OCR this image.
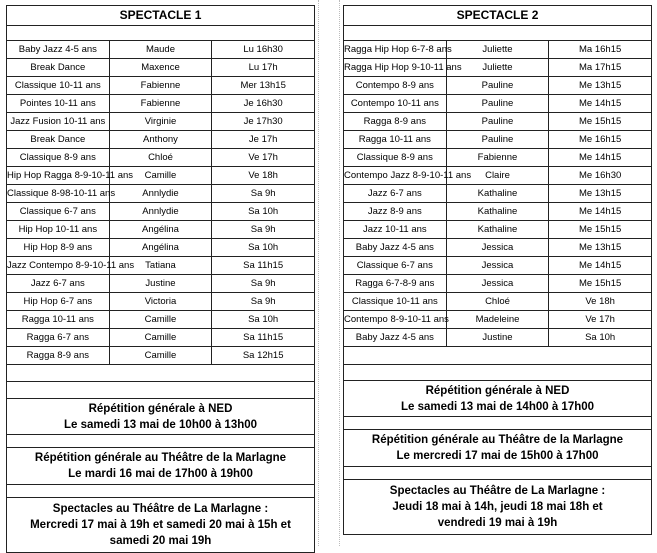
SPECTACLE 1		

Baby Jazz 4-5 ans	Maude	Lu 16h30
Break Dance	Maxence	Lu 17h
Classique 10-11 ans	Fabienne	Mer 13h15
Pointes 10-11 ans	Fabienne	Je 16h30
Jazz Fusion 10-11 ans	Virginie	Je 17h30
Break Dance	Anthony	Je 17h
Classique 8-9 ans	Chloé	Ve 17h
Hip Hop Ragga 8-9-10-11 ans	Camille	Ve 18h
Classique 8-98-10-11 ans	Annlydie	Sa 9h
Classique 6-7 ans	Annlydie	Sa 10h
Hip Hop 10-11 ans	Angélina	Sa 9h
Hip Hop 8-9 ans	Angélina	Sa 10h
Jazz Contempo 8-9-10-11 ans	Tatiana	Sa 11h15
Jazz 6-7 ans	Justine	Sa 9h
Hip Hop 6-7 ans	Victoria	Sa 9h
Ragga 10-11 ans	Camille	Sa 10h
Ragga 6-7 ans	Camille	Sa 11h15
Ragga 8-9 ans	Camille	Sa 12h15

Répétition générale à NED
Le samedi 13 mai de 10h00 à 13h00
Répétition générale au Théâtre de la Marlagne
Le mardi 16 mai de 17h00 à 19h00
Spectacles au Théâtre de La Marlagne :
Mercredi 17 mai à 19h et samedi 20 mai à 15h et
samedi 20 mai 19h
SPECTACLE 2		

Ragga Hip Hop 6-7-8 ans	Juliette	Ma 16h15
Ragga Hip Hop 9-10-11 ans	Juliette	Ma 17h15
Contempo 8-9 ans	Pauline	Me 13h15
Contempo 10-11 ans	Pauline	Me 14h15
Ragga 8-9 ans	Pauline	Me 15h15
Ragga 10-11 ans	Pauline	Me 16h15
Classique 8-9 ans	Fabienne	Me 14h15
Contempo Jazz 8-9-10-11 ans	Claire	Me 16h30
Jazz 6-7 ans	Kathaline	Me 13h15
Jazz 8-9 ans	Kathaline	Me 14h15
Jazz 10-11 ans	Kathaline	Me 15h15
Baby Jazz 4-5 ans	Jessica	Me 13h15
Classique 6-7 ans	Jessica	Me 14h15
Ragga 6-7-8-9 ans	Jessica	Me 15h15
Classique 10-11 ans	Chloé	Ve 18h
Contempo 8-9-10-11 ans	Madeleine	Ve 17h
Baby Jazz 4-5 ans	Justine	Sa 10h

Répétition générale à NED
Le samedi 13 mai de 14h00 à 17h00
Répétition générale au Théâtre de la Marlagne
Le mercredi 17 mai de 15h00 à 17h00
Spectacles au Théâtre de La Marlagne :
Jeudi 18 mai à 14h, jeudi 18 mai 18h et
vendredi 19 mai à 19h
